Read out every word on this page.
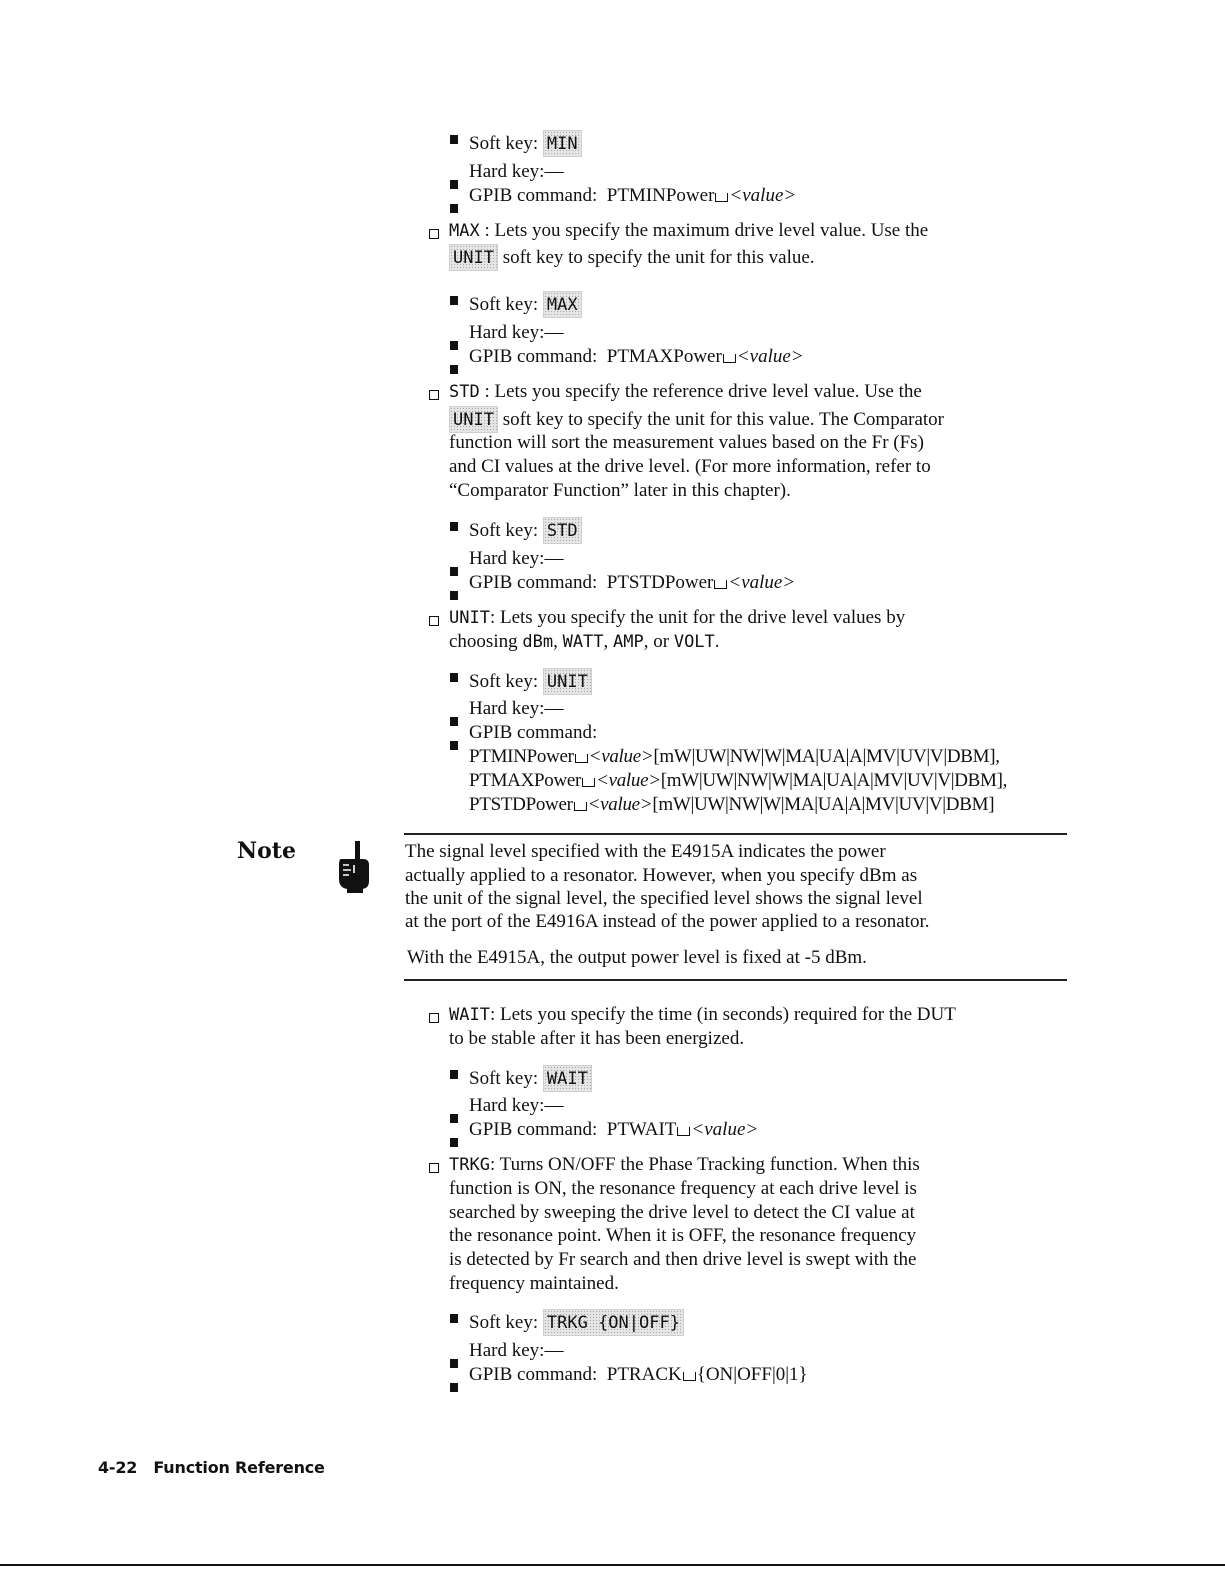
Soft key: MIN
Hard key:—
GPIB command: PTMINPower <value>
MAX : Lets you specify the maximum drive level value. Use the
UNIT soft key to specify the unit for this value.
Soft key: MAX
Hard key:—
GPIB command: PTMAXPower <value>
STD : Lets you specify the reference drive level value. Use the
UNIT soft key to specify the unit for this value. The Comparator
function will sort the measurement values based on the Fr (Fs)
and CI values at the drive level. (For more information, refer to
“Comparator Function” later in this chapter).
Soft key: STD
Hard key:—
GPIB command: PTSTDPower <value>
UNIT: Lets you specify the unit for the drive level values by
choosing dBm, WATT, AMP, or VOLT.
Soft key: UNIT
Hard key:—
GPIB command:
PTMINPower <value>[mW|UW|NW|W|MA|UA|A|MV|UV|V|DBM],
PTMAXPower <value>[mW|UW|NW|W|MA|UA|A|MV|UV|V|DBM],
PTSTDPower <value>[mW|UW|NW|W|MA|UA|A|MV|UV|V|DBM]
Note	The signal level specified with the E4915A indicates the power
actually applied to a resonator. However, when you specify dBm as
the unit of the signal level, the specified level shows the signal level
at the port of the E4916A instead of the power applied to a resonator.
With the E4915A, the output power level is fixed at -5 dBm.
WAIT: Lets you specify the time (in seconds) required for the DUT
to be stable after it has been energized.
Soft key: WAIT
Hard key:—
GPIB command: PTWAIT <value>
TRKG: Turns ON/OFF the Phase Tracking function. When this
function is ON, the resonance frequency at each drive level is
searched by sweeping the drive level to detect the CI value at
the resonance point. When it is OFF, the resonance frequency
is detected by Fr search and then drive level is swept with the
frequency maintained.
Soft key: TRKG {ON|OFF}
Hard key:—
GPIB command: PTRACK {ON|OFF|0|1}
4-22 Function Reference
